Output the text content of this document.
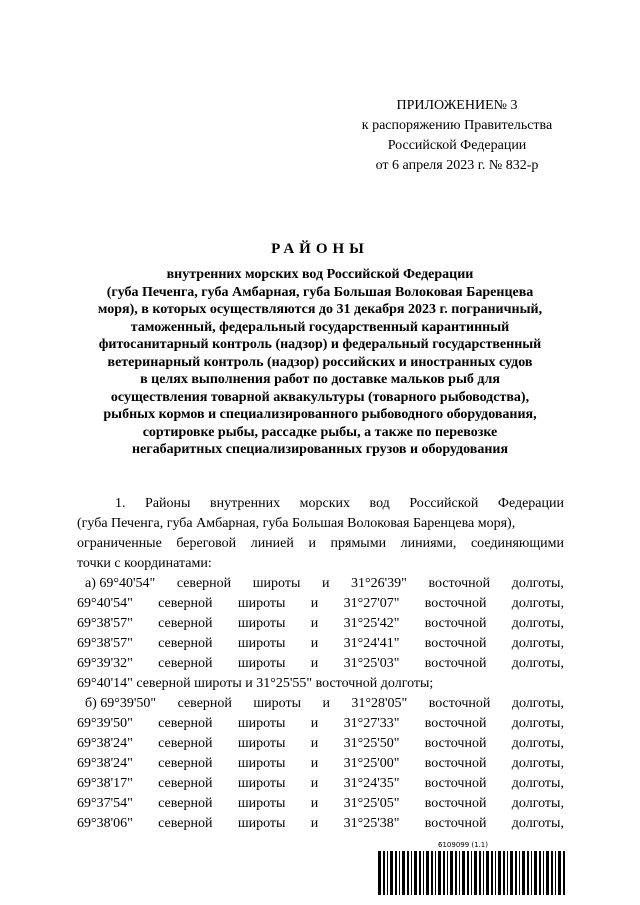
ПРИЛОЖЕНИЕ№ 3
к распоряжению Правительства
Российской Федерации
от 6 апреля 2023 г. № 832-р
РАЙОНЫ
внутренних морских вод Российской Федерации
(губа Печенга, губа Амбарная, губа Большая Волоковая Баренцева
моря), в которых осуществляются до 31 декабря 2023 г. пограничный,
таможенный, федеральный государственный карантинный
фитосанитарный контроль (надзор) и федеральный государственный
ветеринарный контроль (надзор) российских и иностранных судов
в целях выполнения работ по доставке мальков рыб для
осуществления товарной аквакультуры (товарного рыбоводства),
рыбных кормов и специализированного рыбоводного оборудования,
сортировке рыбы, рассадке рыбы, а также по перевозке
негабаритных специализированных грузов и оборудования
1. Районы внутренних морских вод Российской Федерации
(губа Печенга, губа Амбарная, губа Большая Волоковая Баренцева моря),
ограниченные береговой линией и прямыми линиями, соединяющими
точки с координатами:
а) 69°40'54" северной широты и 31°26'39" восточной долготы,
69°40'54" северной широты и 31°27'07" восточной долготы,
69°38'57" северной широты и 31°25'42" восточной долготы,
69°38'57" северной широты и 31°24'41" восточной долготы,
69°39'32" северной широты и 31°25'03" восточной долготы,
69°40'14" северной широты и 31°25'55" восточной долготы;
б) 69°39'50" северной широты и 31°28'05" восточной долготы,
69°39'50" северной широты и 31°27'33" восточной долготы,
69°38'24" северной широты и 31°25'50" восточной долготы,
69°38'24" северной широты и 31°25'00" восточной долготы,
69°38'17" северной широты и 31°24'35" восточной долготы,
69°37'54" северной широты и 31°25'05" восточной долготы,
69°38'06" северной широты и 31°25'38" восточной долготы,
6109099 (1.1)
